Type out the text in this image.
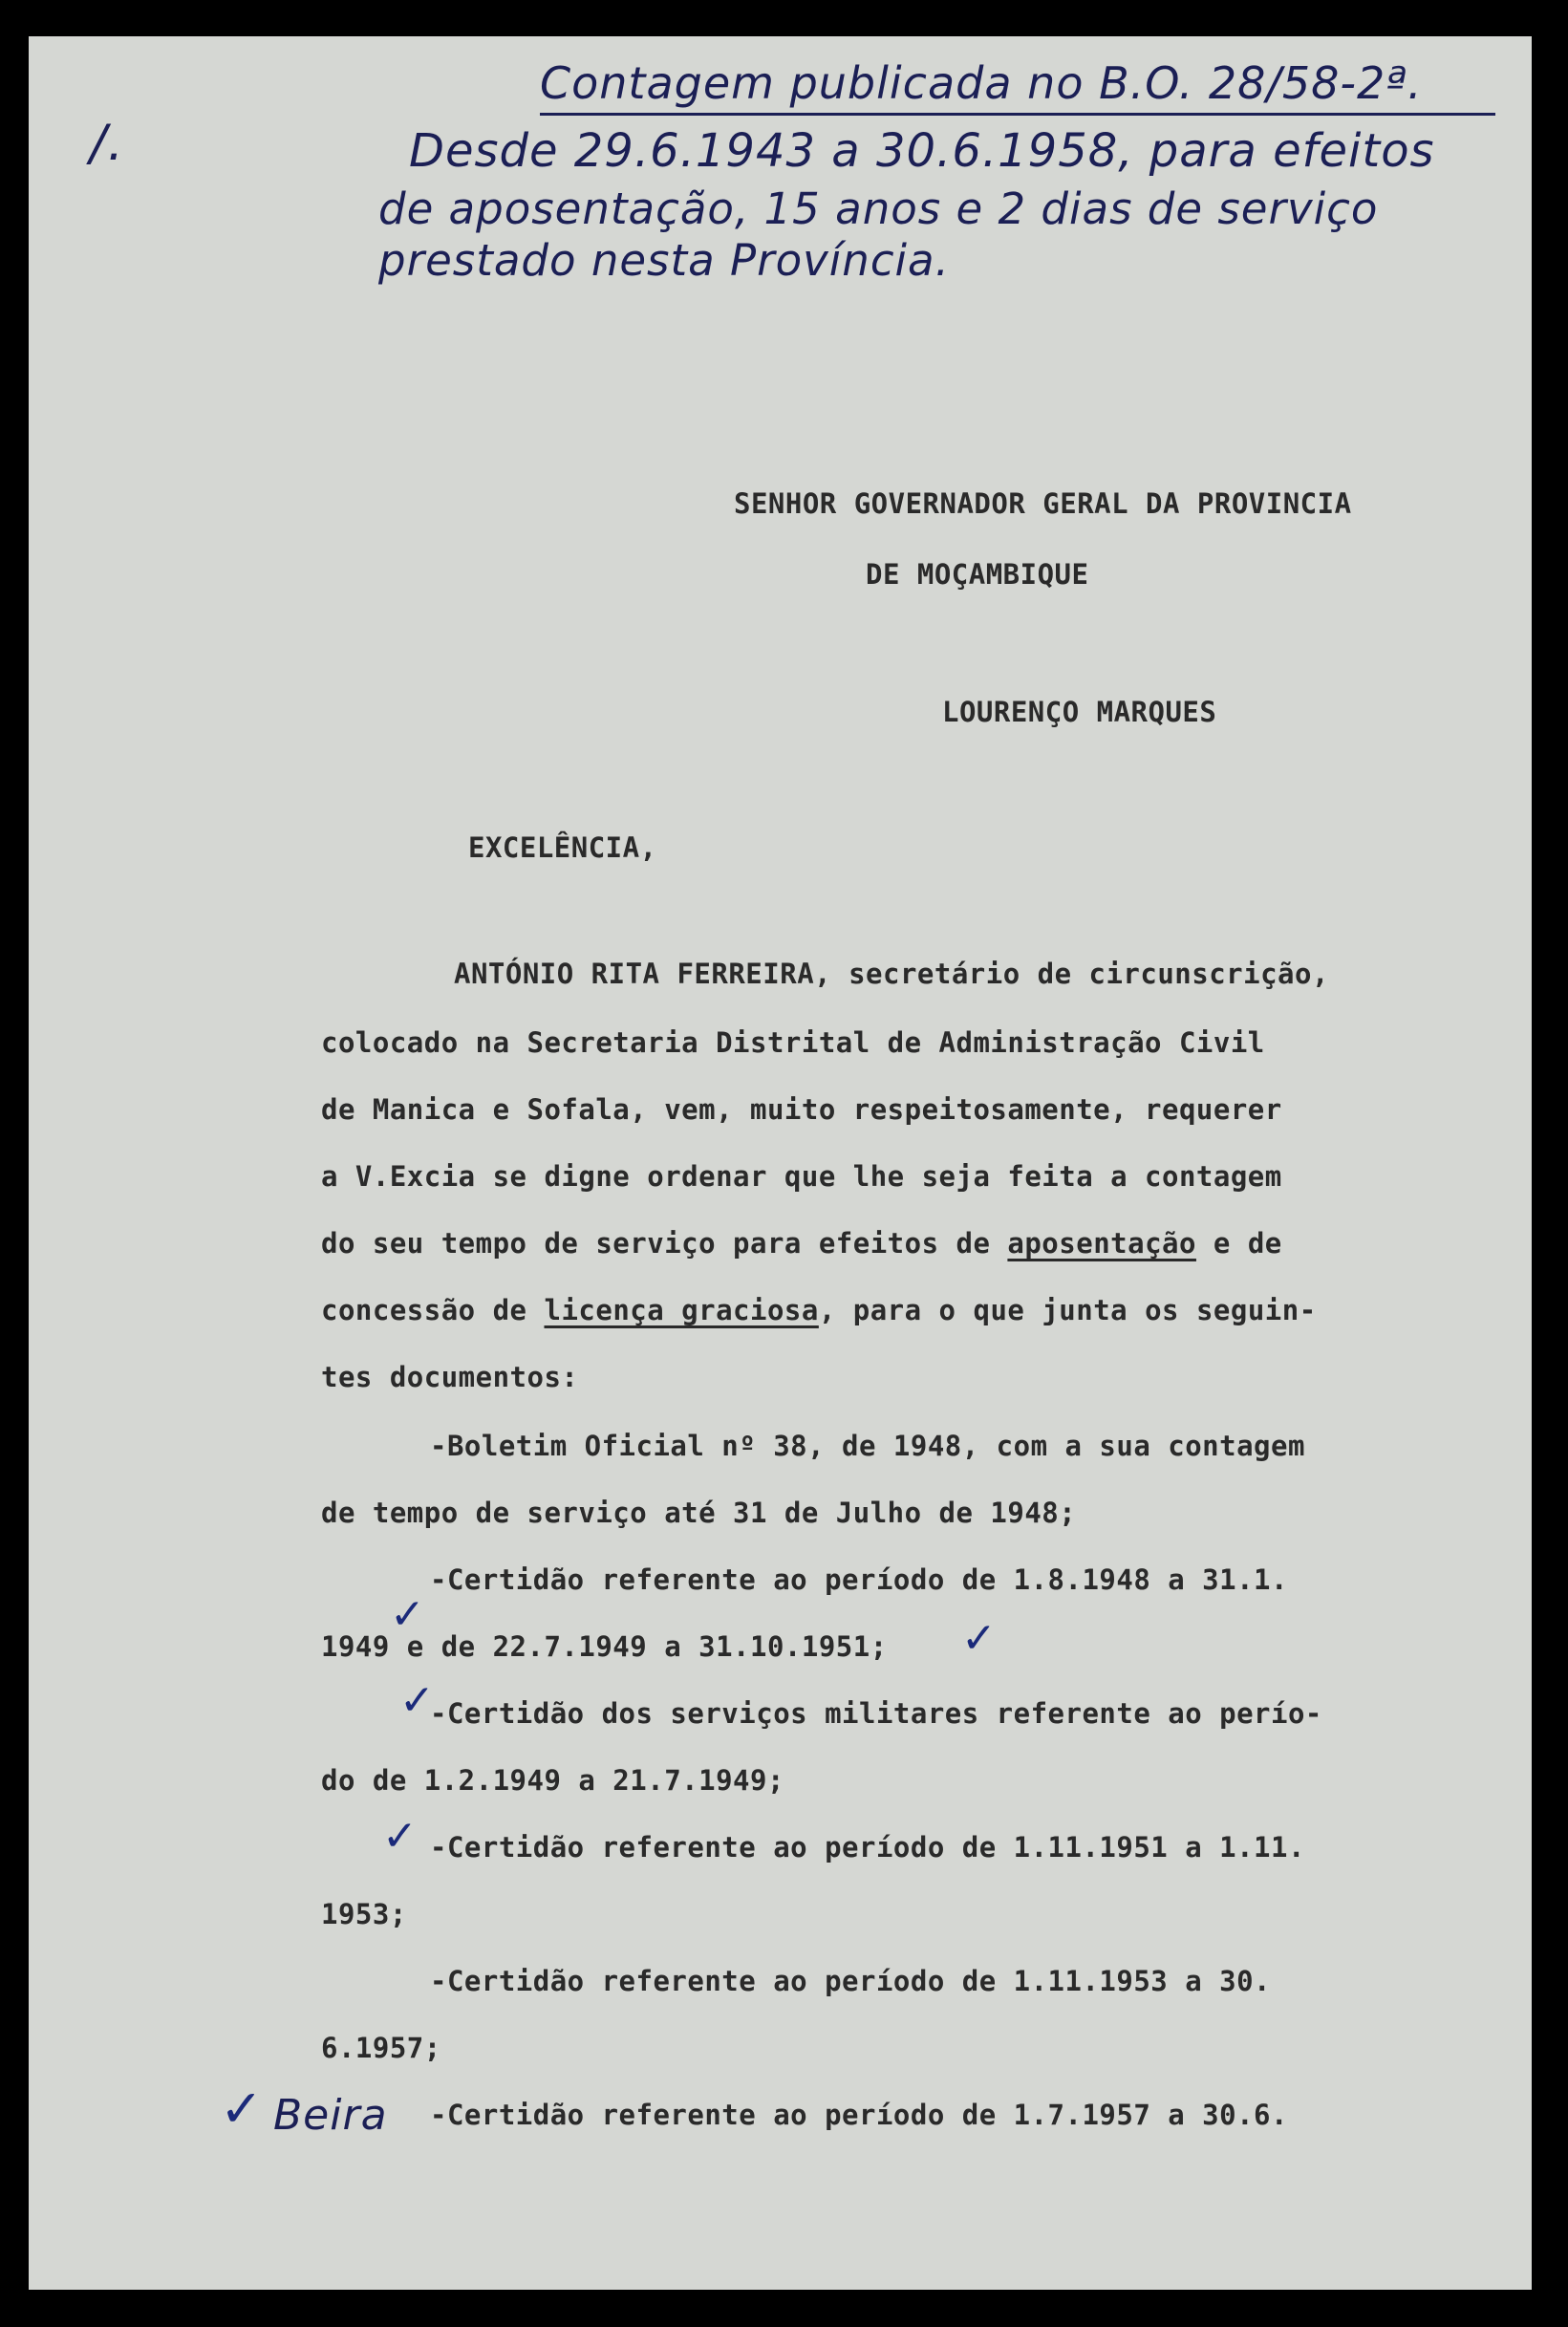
Contagem publicada no B.O. 28/58-2ª.
/.	Desde 29.6.1943 a 30.6.1958, para efeitos
de aposentação, 15 anos e 2 dias de serviço
prestado nesta Província.
SENHOR GOVERNADOR GERAL DA PROVINCIA
DE MOÇAMBIQUE
LOURENÇO MARQUES
EXCELÊNCIA,
ANTÓNIO RITA FERREIRA, secretário de circunscrição,
colocado na Secretaria Distrital de Administração Civil
de Manica e Sofala, vem, muito respeitosamente, requerer
a V.Excia se digne ordenar que lhe seja feita a contagem
do seu tempo de serviço para efeitos de aposentação e de
concessão de licença graciosa, para o que junta os seguin-
tes documentos:
-Boletim Oficial nº 38, de 1948, com a sua contagem
de tempo de serviço até 31 de Julho de 1948;
-Certidão referente ao período de 1.8.1948 a 31.1.
1949 e de 22.7.1949 a 31.10.1951;
-Certidão dos serviços militares referente ao perío-
do de 1.2.1949 a 21.7.1949;
-Certidão referente ao período de 1.11.1951 a 1.11.
1953;
-Certidão referente ao período de 1.11.1953 a 30.
6.1957;
-Certidão referente ao período de 1.7.1957 a 30.6.
✓	✓
✓
✓
✓ Beira
